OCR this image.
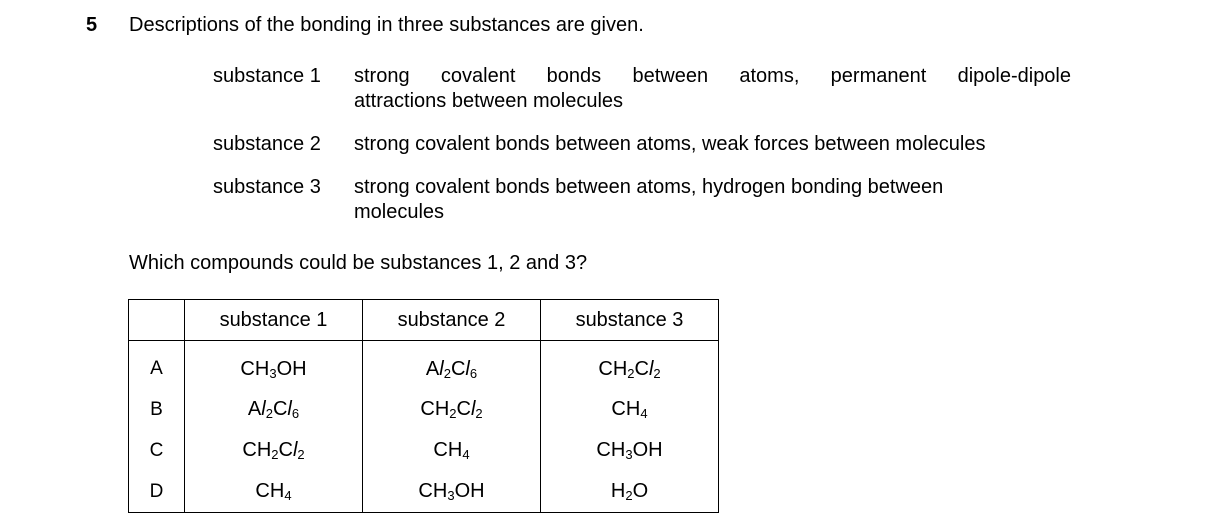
5 Descriptions of the bonding in three substances are given.
substance 1	strong covalent bonds between atoms, permanent dipole-dipole
attractions between molecules
substance 2	strong covalent bonds between atoms, weak forces between molecules
substance 3	strong covalent bonds between atoms, hydrogen bonding between
molecules
Which compounds could be substances 1, 2 and 3?
	substance 1	substance 2	substance 3
A	$CH_3OH$	$Al_2Cl_6$	$CH_2Cl_2$
B	$Al_2Cl_6$	$CH_2Cl_2$	$CH_4$
C	$CH_2Cl_2$	$CH_4$	$CH_3OH$
D	$CH_4$	$CH_3OH$	$H_2O$
